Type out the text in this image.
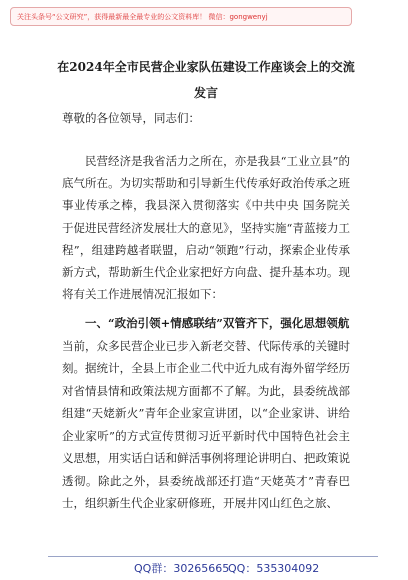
关注头条号“公文研究”，获得最新最全最专业的公文资料库！ 微信：gongwenyj
在2024年全市民营企业家队伍建设工作座谈会上的交流发言
尊敬的各位领导，同志们：
民营经济是我省活力之所在，亦是我县“工业立县”的底气所在。为切实帮助和引导新生代传承好政治传承之班事业传承之棒，我县深入贯彻落实《中共中央 国务院关于促进民营经济发展壮大的意见》，坚持实施“青蓝接力工程”，组建跨越者联盟，启动“领跑”行动，探索企业传承新方式，帮助新生代企业家把好方向盘、提升基本功。现将有关工作进展情况汇报如下：
一、“政治引领+情感联结”双管齐下，强化思想领航
当前，众多民营企业已步入新老交替、代际传承的关键时刻。据统计，全县上市企业二代中近九成有海外留学经历对省情县情和政策法规方面都不了解。为此，县委统战部组建“天姥新火”青年企业家宣讲团，以“企业家讲、讲给企业家听”的方式宣传贯彻习近平新时代中国特色社会主义思想，用实话白话和鲜活事例将理论讲明白、把政策说透彻。除此之外，县委统战部还打造“天姥英才”青春巴士，组织新生代企业家研修班，开展井冈山红色之旅、
QQ群：30265665
QQ：535304092
